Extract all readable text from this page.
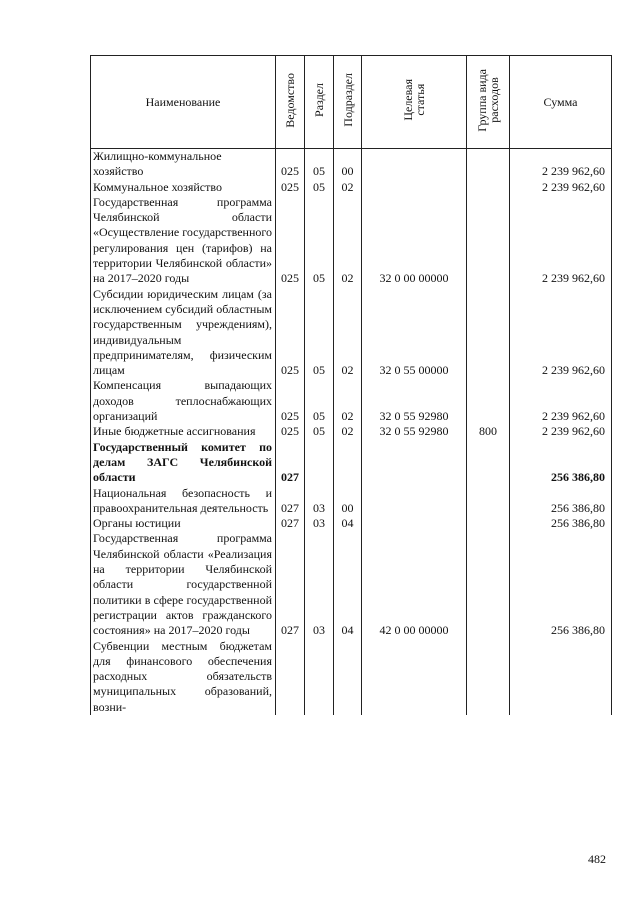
Наименование	Ведомство	Раздел	Подраздел	Целевая
статья	Группа вида
расходов	Сумма

Жилищно-коммунальное хозяйство	025	05	00			2 239 962,60

Коммунальное хозяйство	025	05	02			2 239 962,60

Государственная программа Челябинской области «Осуществление государственного регулирования цен (тарифов) на территории Челябинской области» на 2017–2020 годы	025	05	02	32 0 00 00000		2 239 962,60

Субсидии юридическим лицам (за исключением субсидий областным государственным учреждениям), индивидуальным предпринимателям, физическим лицам	025	05	02	32 0 55 00000		2 239 962,60

Компенсация выпадающих доходов теплоснабжающих организаций	025	05	02	32 0 55 92980		2 239 962,60

Иные бюджетные ассигнования	025	05	02	32 0 55 92980	800	2 239 962,60

Государственный комитет по делам ЗАГС Челябинской области	027					256 386,80

Национальная безопасность и правоохранительная деятельность	027	03	00			256 386,80

Органы юстиции	027	03	04			256 386,80

Государственная программа Челябинской области «Реализация на территории Челябинской области государственной политики в сфере государственной регистрации актов гражданского состояния» на 2017–2020 годы	027	03	04	42 0 00 00000		256 386,80

Субвенции местным бюджетам для финансового обеспечения расходных обязательств муниципальных образований, возни-						

482
